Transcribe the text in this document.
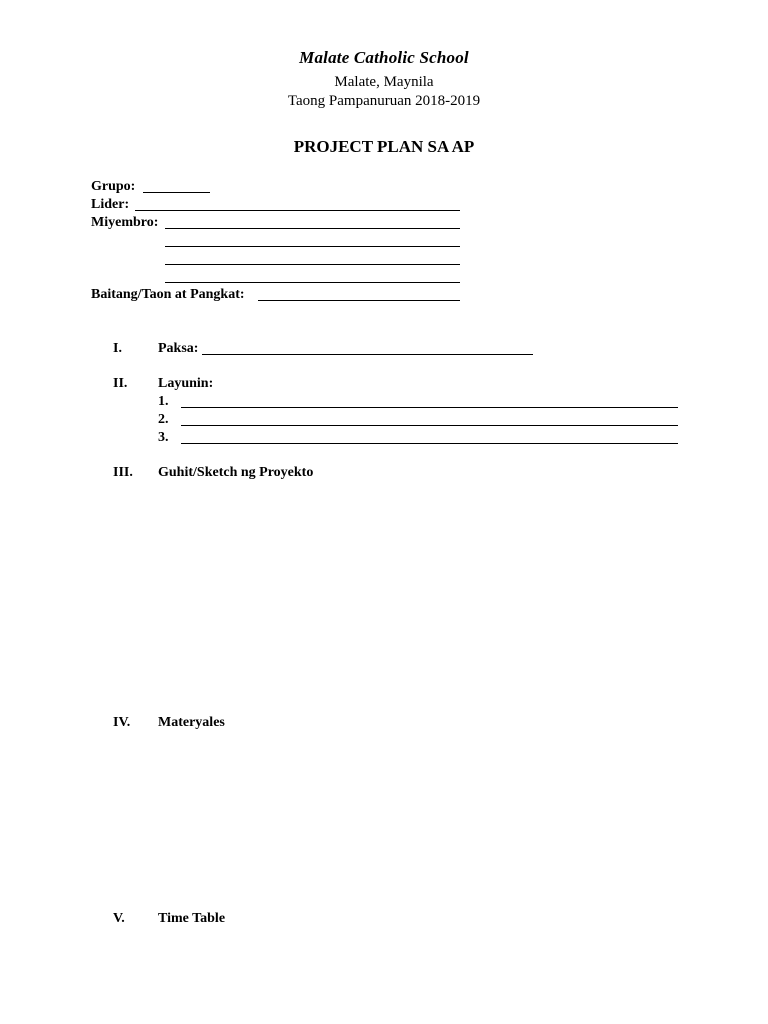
Malate Catholic School
Malate, Maynila
Taong Pampanuruan 2018-2019
PROJECT PLAN SA AP
Grupo:
Lider:
Miyembro:
Baitang/Taon at Pangkat:
I.	Paksa:
II. Layunin:
1.
2.
3.
III. Guhit/Sketch ng Proyekto
IV. Materyales
V. Time Table
